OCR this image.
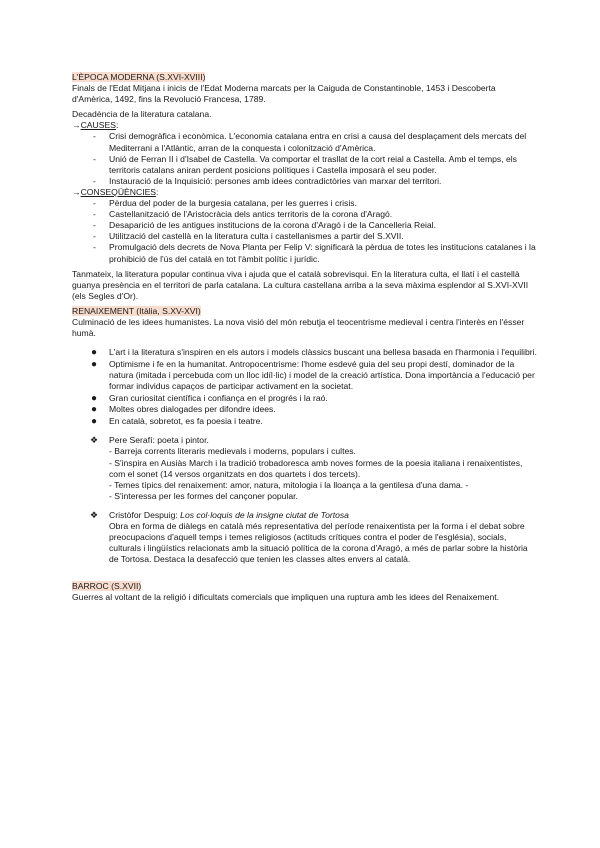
L'ÈPOCA MODERNA (S.XVI-XVIII)

Finals de l'Edat Mitjana i inicis de l'Edat Moderna marcats per la Caiguda de Constantinoble, 1453 i Descoberta d'Amèrica, 1492, fins la Revolució Francesa, 1789.

Decadència de la literatura catalana.

→CAUSES:

- Crisi demogràfica i econòmica. L'economia catalana entra en crisi a causa del desplaçament dels mercats del Mediterrani a l'Atlàntic, arran de la conquesta i colonització d'Amèrica.
- Unió de Ferran II i d'Isabel de Castella. Va comportar el trasllat de la cort reial a Castella. Amb el temps, els territoris catalans aniran perdent posicions polítiques i Castella imposarà el seu poder.
- Instauració de la Inquisició: persones amb idees contradictòries van marxar del territori.

→CONSEQÜÈNCIES:

- Pèrdua del poder de la burgesia catalana, per les guerres i crisis.
- Castellanització de l'Aristocràcia dels antics territoris de la corona d'Aragó.
- Desaparició de les antigues institucions de la corona d'Aragó i de la Cancelleria Reial.
- Utilització del castellà en la literatura culta i castellanismes a partir del S.XVII.
- Promulgació dels decrets de Nova Planta per Felip V: significarà la pèrdua de totes les institucions catalanes i la prohibició de l'ús del català en tot l'àmbit polític i jurídic.

Tanmateix, la literatura popular continua viva i ajuda que el català sobrevisqui. En la literatura culta, el llatí i el castellà guanya presència en el territori de parla catalana. La cultura castellana arriba a la seva màxima esplendor al S.XVI-XVII (els Segles d'Or).

RENAIXEMENT (Itàlia, S.XV-XVI)

Culminació de les idees humanistes. La nova visió del món rebutja el teocentrisme medieval i centra l'interès en l'ésser humà.

● L'art i la literatura s'inspiren en els autors i models clàssics buscant una bellesa basada en l'harmonia i l'equilibri.
● Optimisme i fe en la humanitat. Antropocentrisme: l'home esdevé guia del seu propi destí, dominador de la natura (imitada i percebuda com un lloc idíl·lic) i model de la creació artística. Dona importància a l'educació per formar individus capaços de participar activament en la societat.
● Gran curiositat científica i confiança en el progrés i la raó.
● Moltes obres dialogades per difondre idees.
● En català, sobretot, es fa poesia i teatre.
❖ Pere Serafí: poeta i pintor.

- Barreja corrents literaris medievals i moderns, populars i cultes.

- S'inspira en Ausiàs March i la tradició trobadoresca amb noves formes de la poesia italiana i renaixentistes, com el sonet (14 versos organitzats en dos quartets i dos tercets).

- Temes típics del renaixement: amor, natura, mitologia i la lloança a la gentilesa d'una dama. -

- S'interessa per les formes del cançoner popular.

❖ Cristòfor Despuig: Los col·loquis de la insigne ciutat de Tortosa

Obra en forma de diàlegs en català més representativa del període renaixentista per la forma i el debat sobre preocupacions d'aquell temps i temes religiosos (actituds crítiques contra el poder de l'església), socials, culturals i lingüístics relacionats amb la situació política de la corona d'Aragó, a més de parlar sobre la història de Tortosa. Destaca la desafecció que tenien les classes altes envers al català.

BARROC (S.XVII)

Guerres al voltant de la religió i dificultats comercials que impliquen una ruptura amb les idees del Renaixement.
